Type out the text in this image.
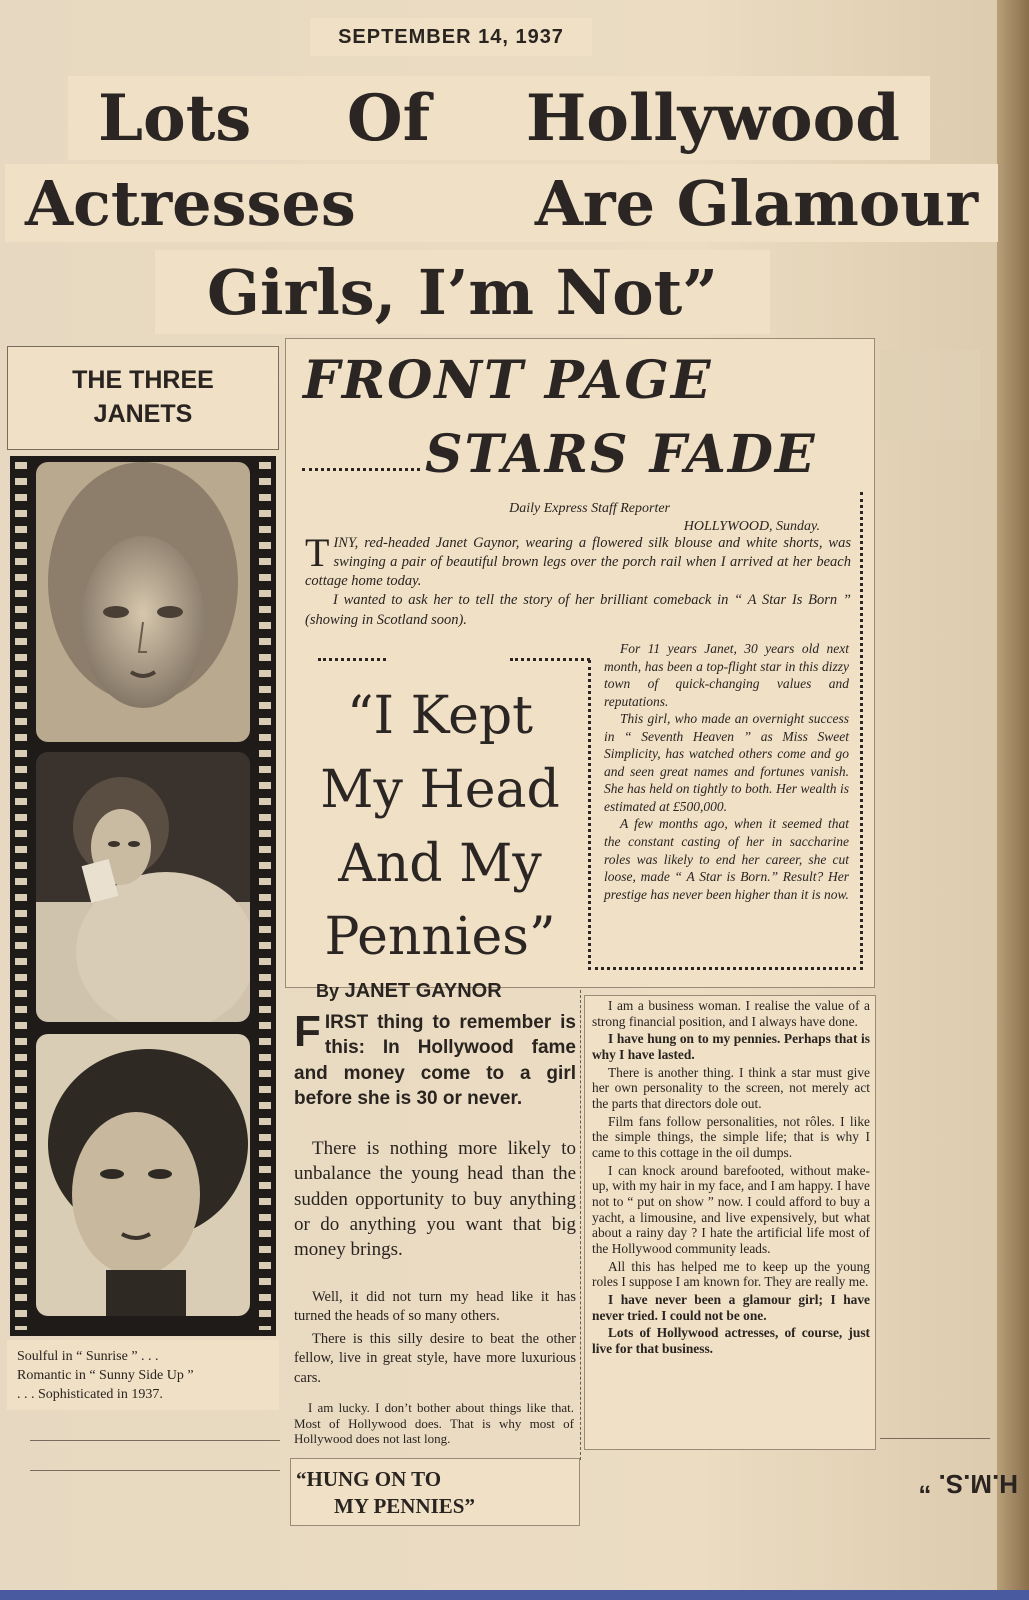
SEPTEMBER 14, 1937
Lots Of Hollywood
Actresses	Are Glamour
Girls, I’m Not”
THE THREE
JANETS
Soulful in “ Sunrise ” . . .
Romantic in “ Sunny Side Up ”
. . . Sophisticated in 1937.
FRONT PAGE
STARS FADE
Daily Express Staff Reporter
HOLLYWOOD, Sunday.

TINY, red-headed Janet Gaynor, wearing a flowered silk blouse and white shorts, was swinging a pair of beautiful brown legs over the porch rail when I arrived at her beach cottage home today.

I wanted to ask her to tell the story of her brilliant comeback in “ A Star Is Born ” (showing in Scotland soon).

For 11 years Janet, 30 years old next month, has been a top-flight star in this dizzy town of quick-changing values and reputations.

This girl, who made an overnight success in “ Seventh Heaven ” as Miss Sweet Simplicity, has watched others come and go and seen great names and fortunes vanish. She has held on tightly to both. Her wealth is estimated at £500,000.

A few months ago, when it seemed that the constant casting of her in saccharine roles was likely to end her career, she cut loose, made “ A Star is Born.” Result? Her prestige has never been higher than it is now.

“I Kept
My Head
And My
Pennies”
By JANET GAYNOR
FIRST thing to remember is this: In Hollywood fame and money come to a girl before she is 30 or never.

There is nothing more likely to unbalance the young head than the sudden opportunity to buy anything or do anything you want that big money brings.

Well, it did not turn my head like it has turned the heads of so many others.

There is this silly desire to beat the other fellow, live in great style, have more luxurious cars.

I am lucky. I don’t bother about things like that. Most of Hollywood does. That is why most of Hollywood does not last long.

“HUNG ON TO
MY PENNIES”

I am a business woman. I realise the value of a strong financial position, and I always have done.

I have hung on to my pennies. Perhaps that is why I have lasted.

There is another thing. I think a star must give her own personality to the screen, not merely act the parts that directors dole out.

Film fans follow personalities, not rôles. I like the simple things, the simple life; that is why I came to this cottage in the oil dumps.

I can knock around barefooted, without make-up, with my hair in my face, and I am happy. I have not to “ put on show ” now. I could afford to buy a yacht, a limousine, and live expensively, but what about a rainy day ? I hate the artificial life most of the Hollywood community leads.

All this has helped me to keep up the young roles I suppose I am known for. They are really me.

I have never been a glamour girl; I have never tried. I could not be one.

Lots of Hollywood actresses, of course, just live for that business.

H.M.S. ”
